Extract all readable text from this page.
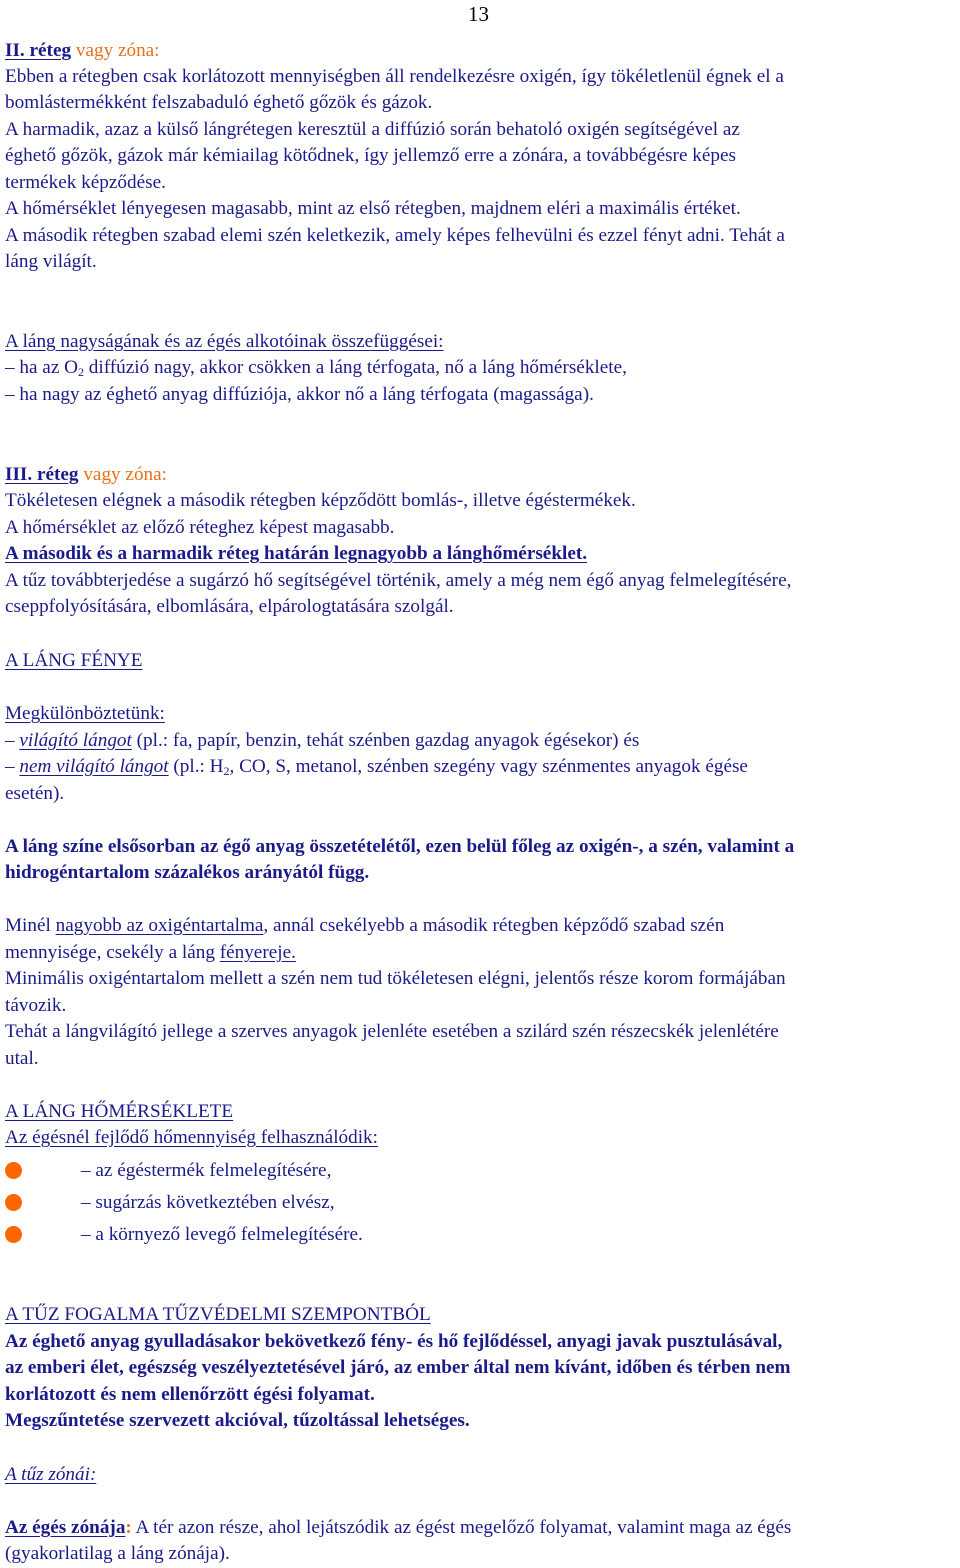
13
II. réteg vagy zóna:
Ebben a rétegben csak korlátozott mennyiségben áll rendelkezésre oxigén, így tökéletlenül égnek el a
bomlástermékként felszabaduló éghető gőzök és gázok.
A harmadik, azaz a külső lángrétegen keresztül a diffúzió során behatoló oxigén segítségével az
éghető gőzök, gázok már kémiailag kötődnek, így jellemző erre a zónára, a továbbégésre képes
termékek képződése.
A hőmérséklet lényegesen magasabb, mint az első rétegben, majdnem eléri a maximális értéket.
A második rétegben szabad elemi szén keletkezik, amely képes felhevülni és ezzel fényt adni. Tehát a
láng világít.
A láng nagyságának és az égés alkotóinak összefüggései:
– ha az $O_2$ diffúzió nagy, akkor csökken a láng térfogata, nő a láng hőmérséklete,
– ha nagy az éghető anyag diffúziója, akkor nő a láng térfogata (magassága).
III. réteg vagy zóna:
Tökéletesen elégnek a második rétegben képződött bomlás-, illetve égéstermékek.
A hőmérséklet az előző réteghez képest magasabb.
A második és a harmadik réteg határán legnagyobb a lánghőmérséklet.
A tűz továbbterjedése a sugárzó hő segítségével történik, amely a még nem égő anyag felmelegítésére,
cseppfolyósítására, elbomlására, elpárologtatására szolgál.
A LÁNG FÉNYE
Megkülönböztetünk:
– világító lángot (pl.: fa, papír, benzin, tehát szénben gazdag anyagok égésekor) és
– nem világító lángot (pl.: $H_2$, CO, S, metanol, szénben szegény vagy szénmentes anyagok égése
esetén).
A láng színe elsősorban az égő anyag összetételétől, ezen belül főleg az oxigén-, a szén, valamint a
hidrogéntartalom százalékos arányától függ.
Minél nagyobb az oxigéntartalma, annál csekélyebb a második rétegben képződő szabad szén
mennyisége, csekély a láng fényereje.
Minimális oxigéntartalom mellett a szén nem tud tökéletesen elégni, jelentős része korom formájában
távozik.
Tehát a lángvilágító jellege a szerves anyagok jelenléte esetében a szilárd szén részecskék jelenlétére
utal.
A LÁNG HŐMÉRSÉKLETE
Az égésnél fejlődő hőmennyiség felhasználódik:
– az égéstermék felmelegítésére,
– sugárzás következtében elvész,
– a környező levegő felmelegítésére.
A TŰZ FOGALMA TŰZVÉDELMI SZEMPONTBÓL
Az éghető anyag gyulladásakor bekövetkező fény- és hő fejlődéssel, anyagi javak pusztulásával,
az emberi élet, egészség veszélyeztetésével járó, az ember által nem kívánt, időben és térben nem
korlátozott és nem ellenőrzött égési folyamat.
Megszűntetése szervezett akcióval, tűzoltással lehetséges.
A tűz zónái:
Az égés zónája: A tér azon része, ahol lejátszódik az égést megelőző folyamat, valamint maga az égés
(gyakorlatilag a láng zónája).
